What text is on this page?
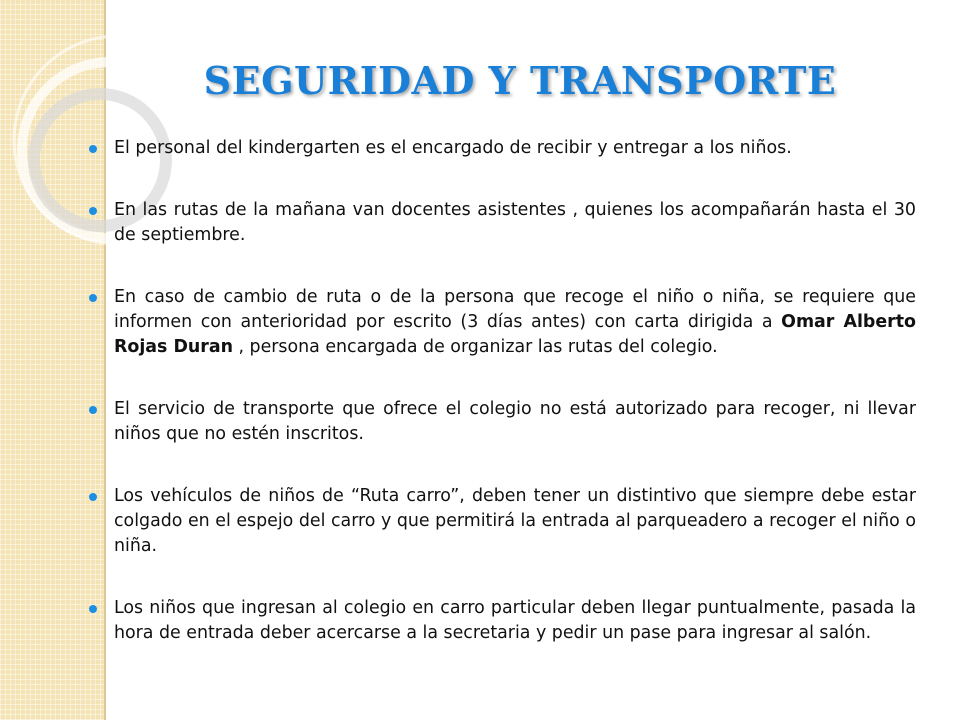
SEGURIDAD Y TRANSPORTE
El personal del kindergarten es el encargado de recibir y entregar a los niños.
En las rutas de la mañana van docentes asistentes , quienes los acompañarán hasta el 30 de septiembre.
En caso de cambio de ruta o de la persona que recoge el niño o niña, se requiere que informen con anterioridad por escrito (3 días antes) con carta dirigida a Omar Alberto Rojas Duran , persona encargada de organizar las rutas del colegio.
El servicio de transporte que ofrece el colegio no está autorizado para recoger, ni llevar niños que no estén inscritos.
Los vehículos de niños de “Ruta carro”, deben tener un distintivo que siempre debe estar colgado en el espejo del carro y que permitirá la entrada al parqueadero a recoger el niño o niña.
Los niños que ingresan al colegio en carro particular deben llegar puntualmente, pasada la hora de entrada deber acercarse a la secretaria y pedir un pase para ingresar al salón.
